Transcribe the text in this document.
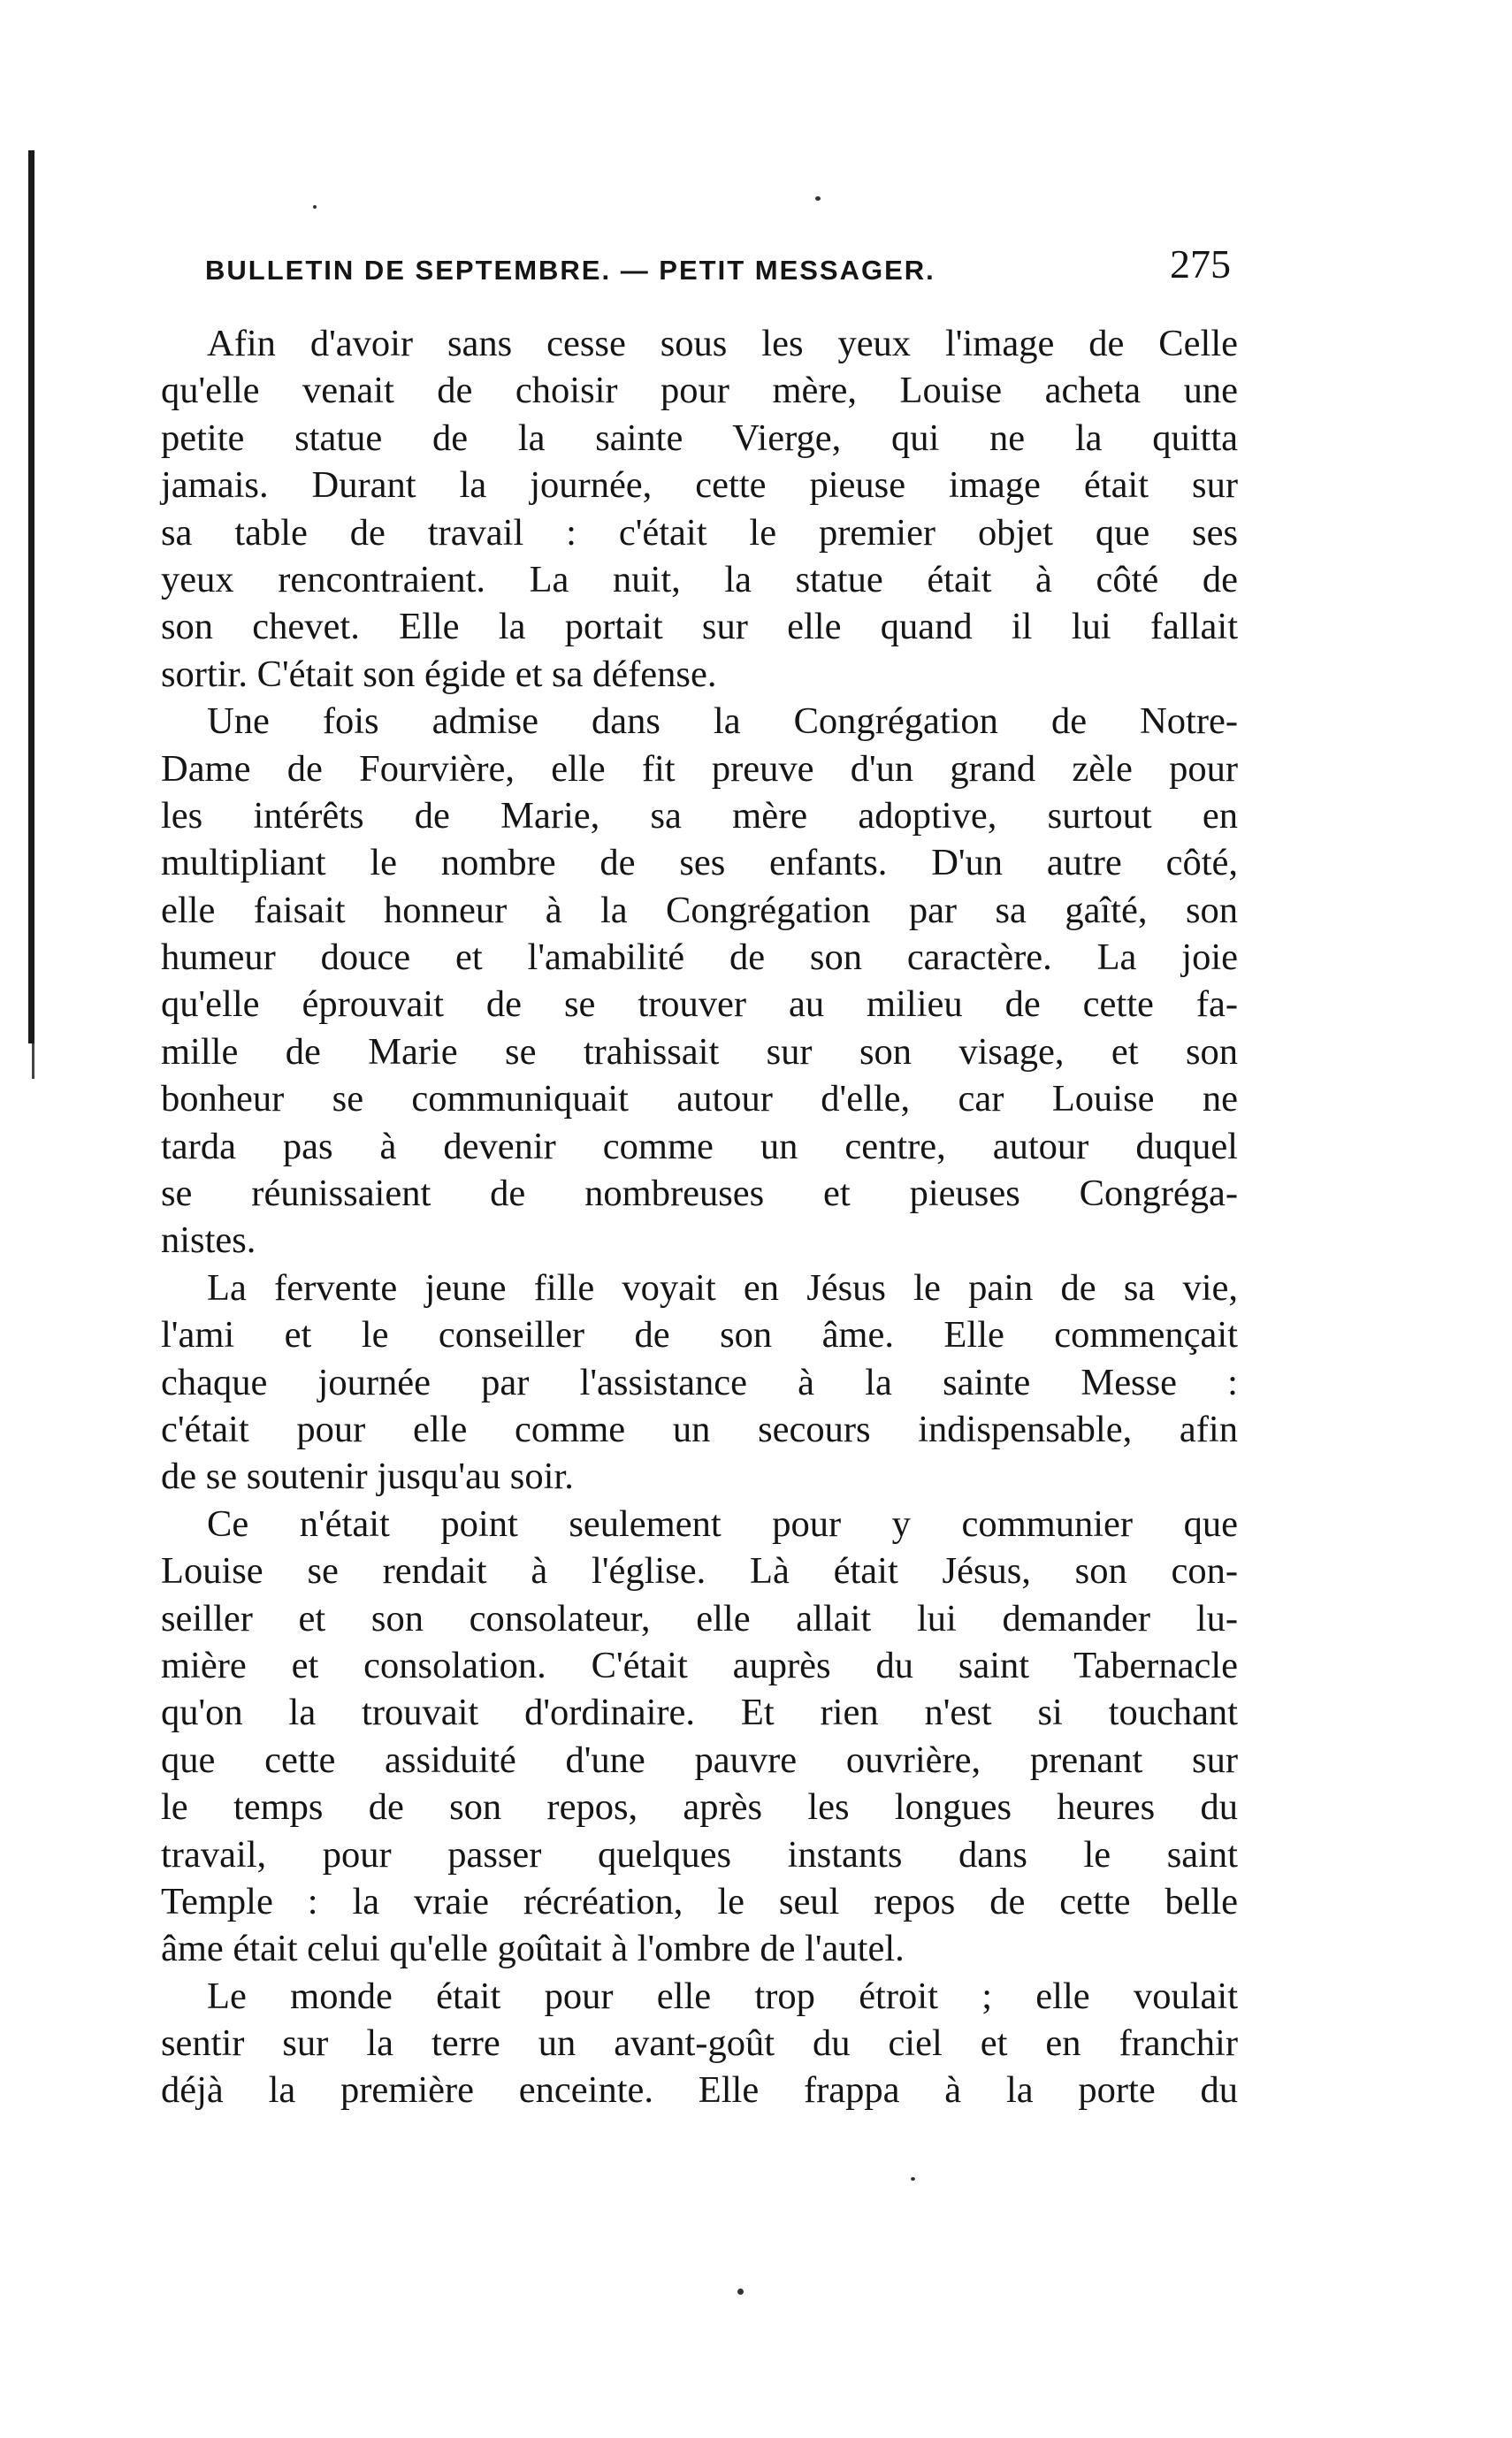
BULLETIN DE SEPTEMBRE. — PETIT MESSAGER.	275
Afin d'avoir sans cesse sous les yeux l'image de Celle
qu'elle venait de choisir pour mère, Louise acheta une
petite statue de la sainte Vierge, qui ne la quitta
jamais. Durant la journée, cette pieuse image était sur
sa table de travail : c'était le premier objet que ses
yeux rencontraient. La nuit, la statue était à côté de
son chevet. Elle la portait sur elle quand il lui fallait
sortir. C'était son égide et sa défense.
Une fois admise dans la Congrégation de Notre-
Dame de Fourvière, elle fit preuve d'un grand zèle pour
les intérêts de Marie, sa mère adoptive, surtout en
multipliant le nombre de ses enfants. D'un autre côté,
elle faisait honneur à la Congrégation par sa gaîté, son
humeur douce et l'amabilité de son caractère. La joie
qu'elle éprouvait de se trouver au milieu de cette fa-
mille de Marie se trahissait sur son visage, et son
bonheur se communiquait autour d'elle, car Louise ne
tarda pas à devenir comme un centre, autour duquel
se réunissaient de nombreuses et pieuses Congréga-
nistes.
La fervente jeune fille voyait en Jésus le pain de sa vie,
l'ami et le conseiller de son âme. Elle commençait
chaque journée par l'assistance à la sainte Messe :
c'était pour elle comme un secours indispensable, afin
de se soutenir jusqu'au soir.
Ce n'était point seulement pour y communier que
Louise se rendait à l'église. Là était Jésus, son con-
seiller et son consolateur, elle allait lui demander lu-
mière et consolation. C'était auprès du saint Tabernacle
qu'on la trouvait d'ordinaire. Et rien n'est si touchant
que cette assiduité d'une pauvre ouvrière, prenant sur
le temps de son repos, après les longues heures du
travail, pour passer quelques instants dans le saint
Temple : la vraie récréation, le seul repos de cette belle
âme était celui qu'elle goûtait à l'ombre de l'autel.
Le monde était pour elle trop étroit ; elle voulait
sentir sur la terre un avant-goût du ciel et en franchir
déjà la première enceinte. Elle frappa à la porte du
